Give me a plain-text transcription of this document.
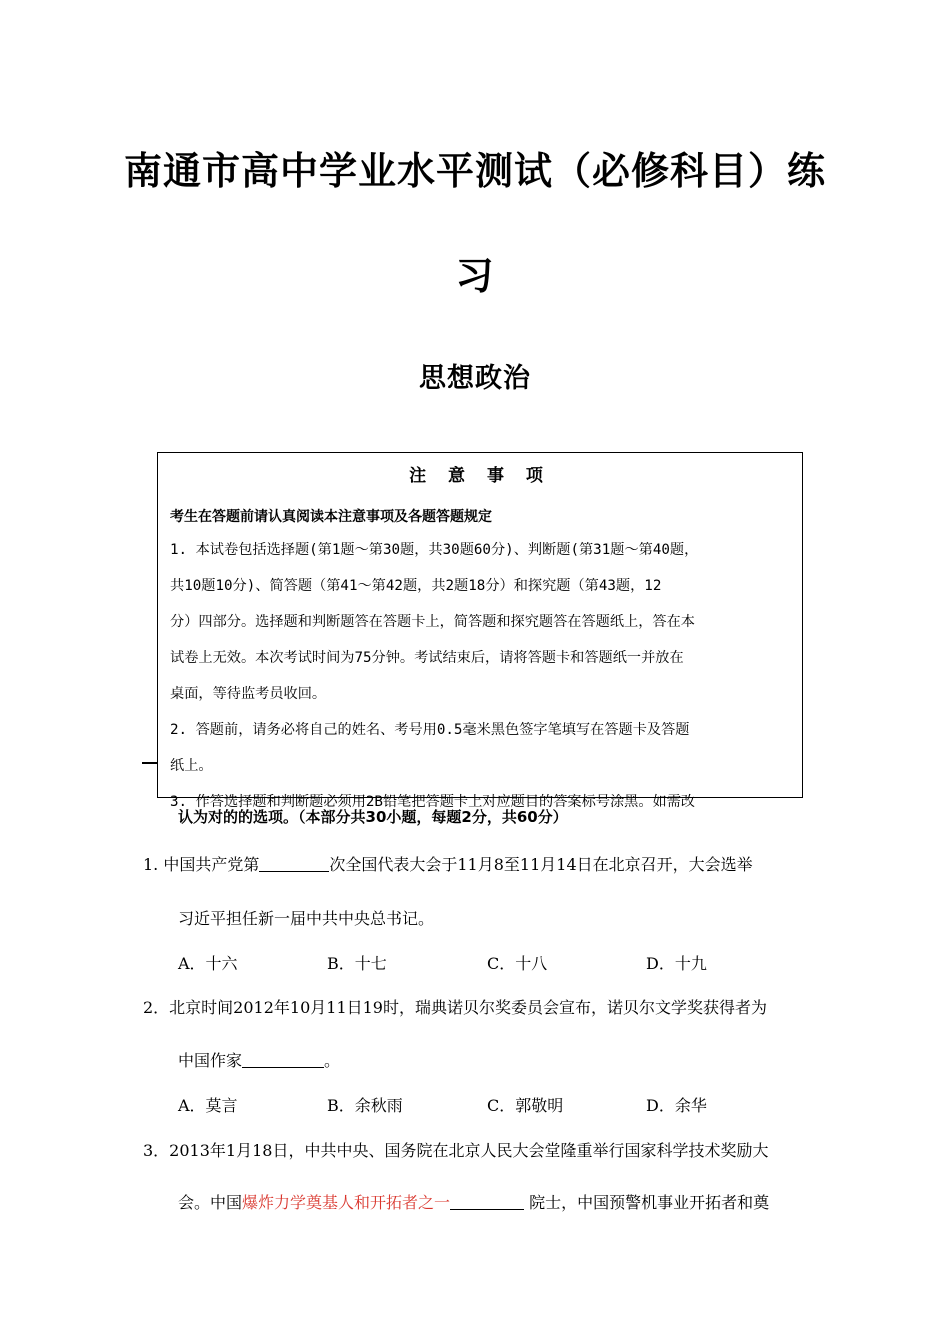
南通市高中学业水平测试（必修科目）练
习
思想政治
注 意 事 项
考生在答题前请认真阅读本注意事项及各题答题规定

1. 本试卷包括选择题(第1题～第30题，共30题60分)、判断题(第31题～第40题，

共10题10分)、简答题（第41～第42题，共2题18分）和探究题（第43题，12

分）四部分。选择题和判断题答在答题卡上，简答题和探究题答在答题纸上，答在本

试卷上无效。本次考试时间为75分钟。考试结束后，请将答题卡和答题纸一并放在

桌面，等待监考员收回。

2. 答题前，请务必将自己的姓名、考号用0.5毫米黑色签字笔填写在答题卡及答题

纸上。

3. 作答选择题和判断题必须用2B铅笔把答题卡上对应题目的答案标号涂黑。如需改

认为对的的选项。（本部分共30小题，每题2分，共60分）
1. 中国共产党第	次全国代表大会于11月8至11月14日在北京召开，大会选举
习近平担任新一届中共中央总书记。
A．十六	B．十七	C．十八	D．十九
2．北京时间2012年10月11日19时，瑞典诺贝尔奖委员会宣布，诺贝尔文学奖获得者为
中国作家	。
A．莫言	B．余秋雨	C．郭敬明	D．余华
3．2013年1月18日，中共中央、国务院在北京人民大会堂隆重举行国家科学技术奖励大
会。中国爆炸力学奠基人和开拓者之一	院士，中国预警机事业开拓者和奠
